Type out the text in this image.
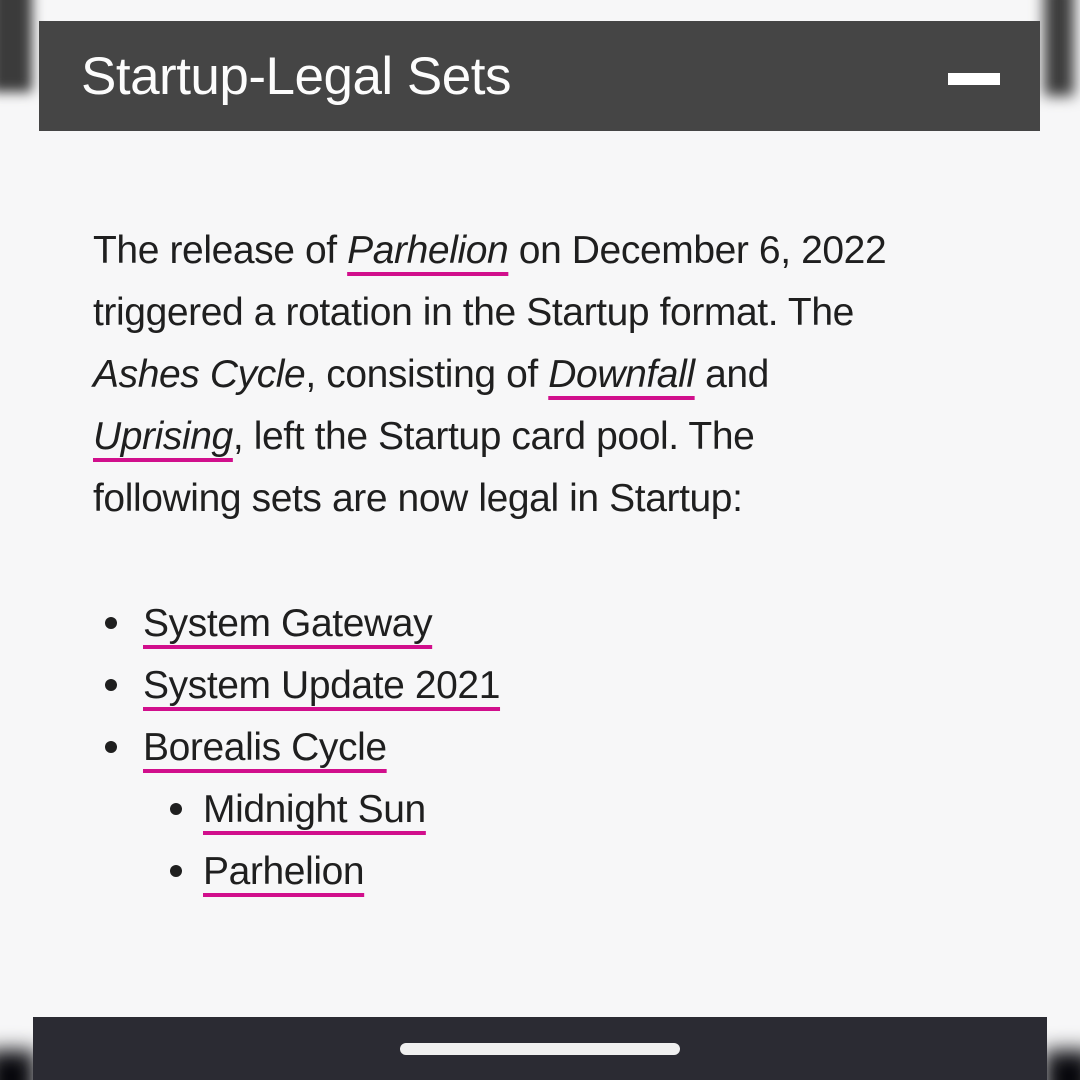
Startup-Legal Sets

The release of Parhelion on December 6, 2022
triggered a rotation in the Startup format. The
Ashes Cycle, consisting of Downfall and
Uprising, left the Startup card pool. The
following sets are now legal in Startup:

System Gateway
System Update 2021
Borealis Cycle
Midnight Sun
Parhelion
